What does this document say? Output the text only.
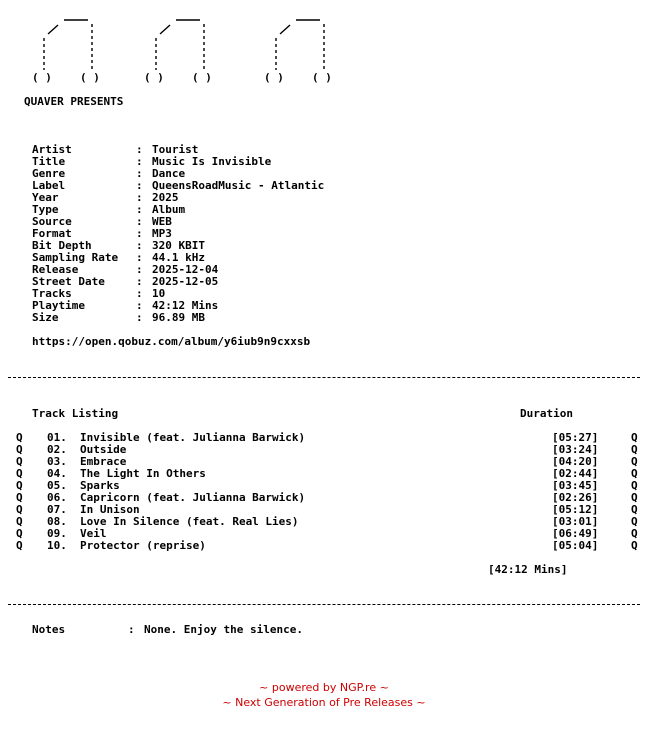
( )	( )	( )	( )	( )	( )
QUAVER PRESENTS
Artist	: Tourist
Title	: Music Is Invisible
Genre	: Dance
Label	: QueensRoadMusic - Atlantic
Year	: 2025
Type	: Album
Source	: WEB
Format	: MP3
Bit Depth	: 320 KBIT
Sampling Rate : 44.1 kHz
Release	: 2025-12-04
Street Date	: 2025-12-05
Tracks	: 10
Playtime	: 42:12 Mins
Size	: 96.89 MB
https://open.qobuz.com/album/y6iub9n9cxxsb
Track Listing	Duration
Q 01. Invisible (feat. Julianna Barwick)	[05:27]	Q
Q 02. Outside	[03:24]	Q
Q 03. Embrace	[04:20]	Q
Q 04. The Light In Others	[02:44]	Q
Q 05. Sparks	[03:45]	Q
Q 06. Capricorn (feat. Julianna Barwick)	[02:26]	Q
Q 07. In Unison	[05:12]	Q
Q 08. Love In Silence (feat. Real Lies)	[03:01]	Q
Q 09. Veil	[06:49]	Q
Q 10. Protector (reprise)	[05:04]	Q
[42:12 Mins]
Notes	: None. Enjoy the silence.
~ powered by NGP.re ~
~ Next Generation of Pre Releases ~
